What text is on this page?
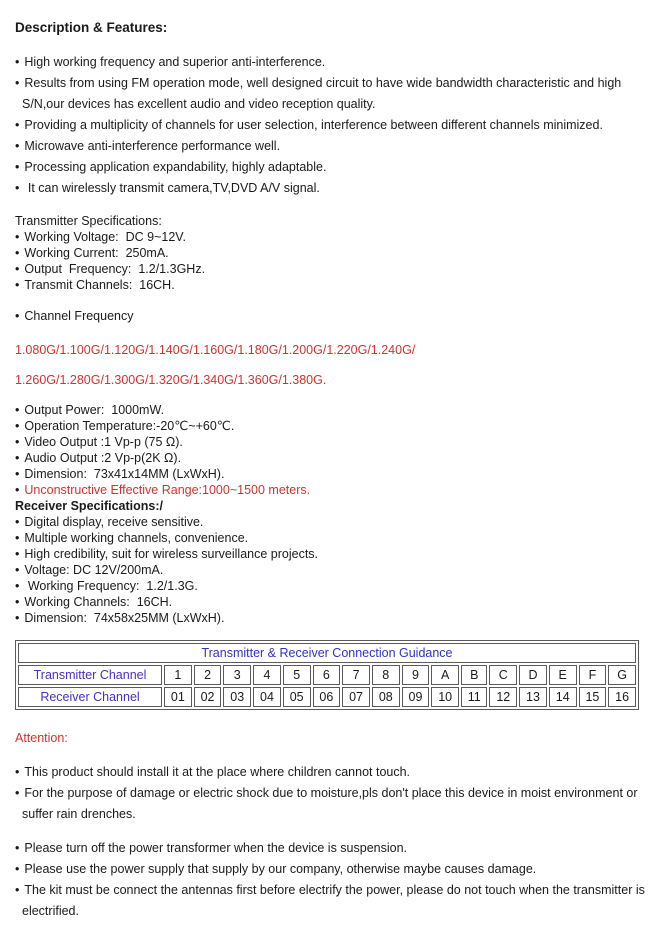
Description & Features:
• High working frequency and superior anti-interference.
• Results from using FM operation mode, well designed circuit to have wide bandwidth characteristic and high S/N,our devices has excellent audio and video reception quality.
• Providing a multiplicity of channels for user selection, interference between different channels minimized.
• Microwave anti-interference performance well.
• Processing application expandability, highly adaptable.
• It can wirelessly transmit camera,TV,DVD A/V signal.
Transmitter Specifications:
• Working Voltage:  DC 9~12V.
• Working Current:  250mA.
• Output  Frequency:  1.2/1.3GHz.
• Transmit Channels:  16CH.
• Channel Frequency
1.080G/1.100G/1.120G/1.140G/1.160G/1.180G/1.200G/1.220G/1.240G/
1.260G/1.280G/1.300G/1.320G/1.340G/1.360G/1.380G.
• Output Power:  1000mW.
• Operation Temperature:-20℃~+60℃.
• Video Output :1 Vp-p (75 Ω).
• Audio Output :2 Vp-p(2K Ω).
• Dimension:  73x41x14MM (LxWxH).
• Unconstructive Effective Range:1000~1500 meters.
Receiver Specifications:/
• Digital display, receive sensitive.
• Multiple working channels, convenience.
• High credibility, suit for wireless surveillance projects.
• Voltage: DC 12V/200mA.
• Working Frequency:  1.2/1.3G.
• Working Channels:  16CH.
• Dimension:  74x58x25MM (LxWxH).
Transmitter & Receiver Connection Guidance																
Transmitter Channel	1	2	3	4	5	6	7	8	9	A	B	C	D	E	F	G
Receiver Channel	01	02	03	04	05	06	07	08	09	10	11	12	13	14	15	16
Attention:
• This product should install it at the place where children cannot touch.
• For the purpose of damage or electric shock due to moisture,pls don't place this device in moist environment or suffer rain drenches.
• Please turn off the power transformer when the device is suspension.
• Please use the power supply that supply by our company, otherwise maybe causes damage.
• The kit must be connect the antennas first before electrify the power, please do not touch when the transmitter is electrified.
